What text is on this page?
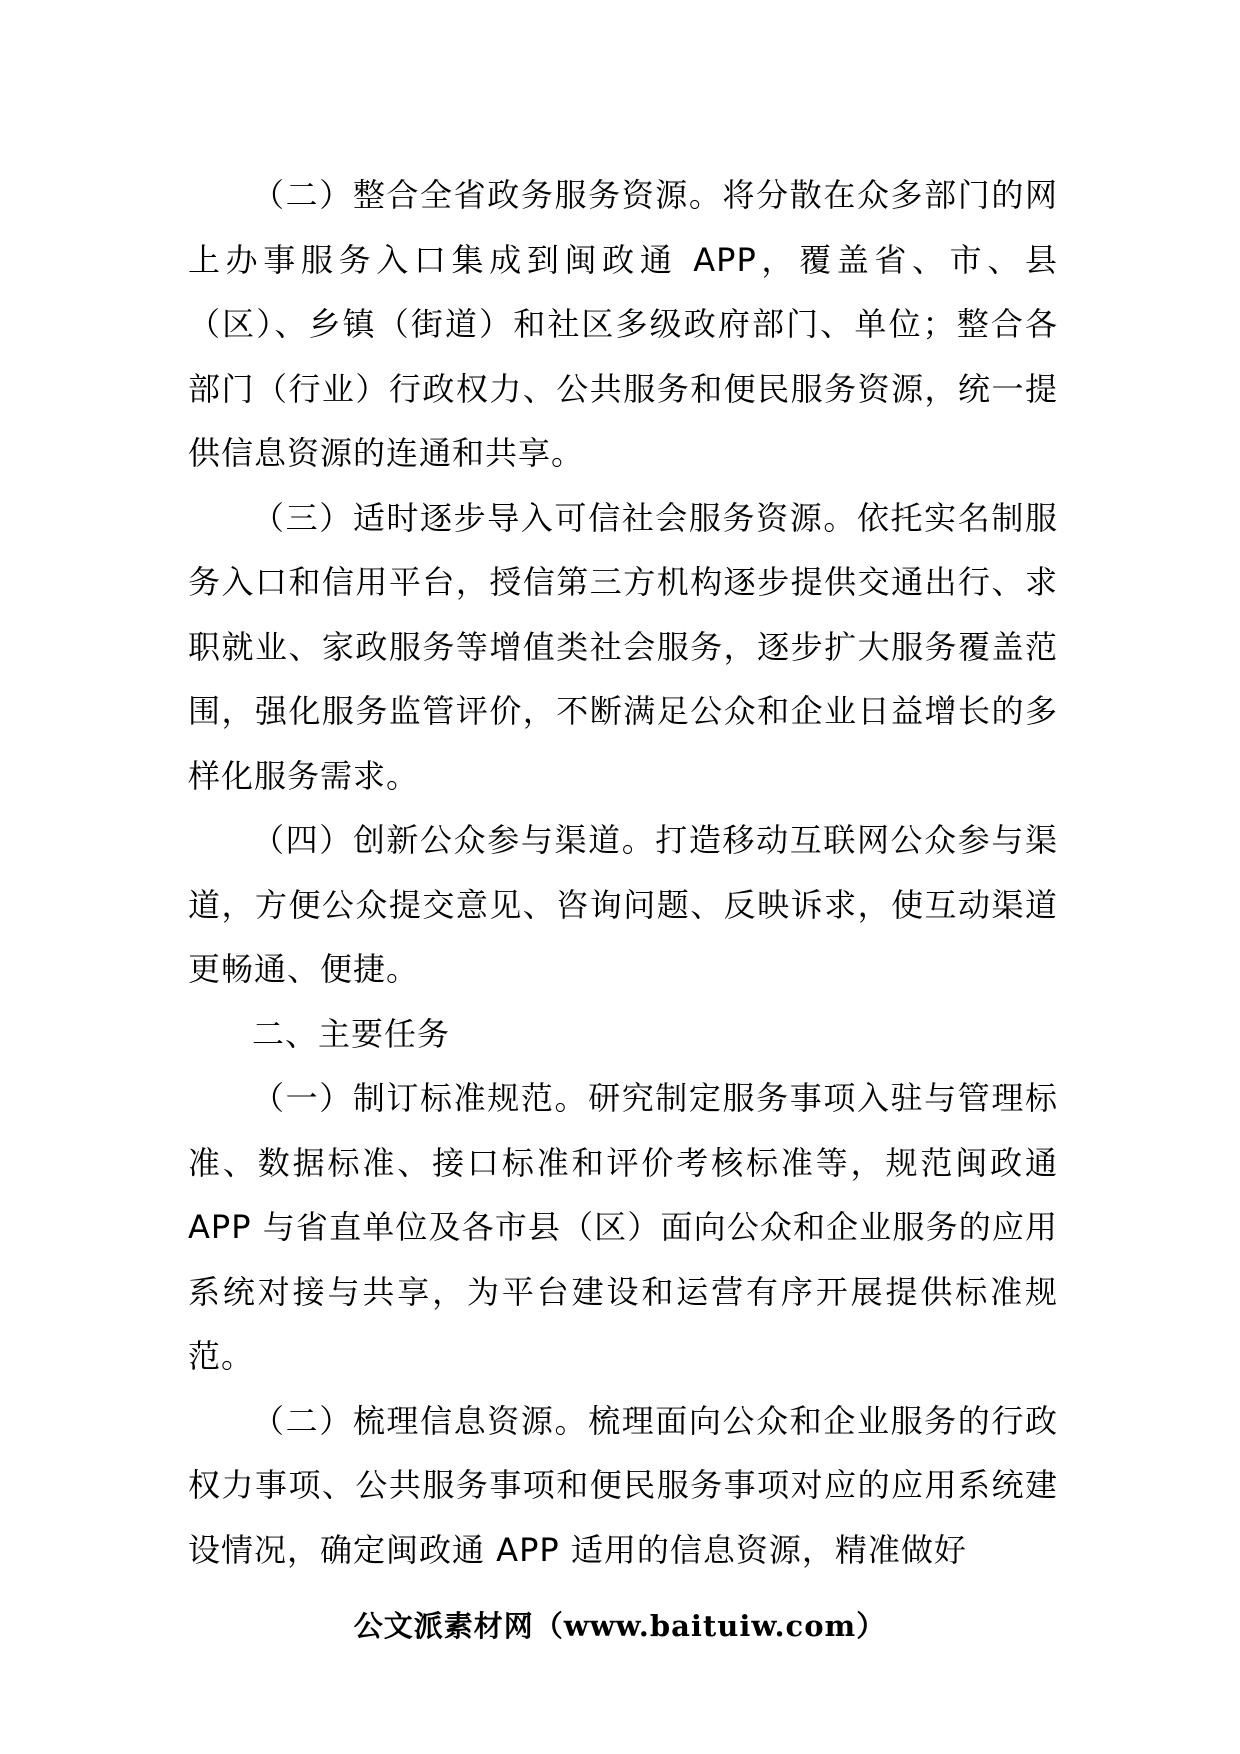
（二）整合全省政务服务资源。将分散在众多部门的网上办事服务入口集成到闽政通 APP，覆盖省、市、县（区）、乡镇（街道）和社区多级政府部门、单位；整合各部门（行业）行政权力、公共服务和便民服务资源，统一提供信息资源的连通和共享。

（三）适时逐步导入可信社会服务资源。依托实名制服务入口和信用平台，授信第三方机构逐步提供交通出行、求职就业、家政服务等增值类社会服务，逐步扩大服务覆盖范围，强化服务监管评价，不断满足公众和企业日益增长的多样化服务需求。

（四）创新公众参与渠道。打造移动互联网公众参与渠道，方便公众提交意见、咨询问题、反映诉求，使互动渠道更畅通、便捷。

二、主要任务

（一）制订标准规范。研究制定服务事项入驻与管理标准、数据标准、接口标准和评价考核标准等，规范闽政通 APP 与省直单位及各市县（区）面向公众和企业服务的应用系统对接与共享，为平台建设和运营有序开展提供标准规范。

（二）梳理信息资源。梳理面向公众和企业服务的行政权力事项、公共服务事项和便民服务事项对应的应用系统建设情况，确定闽政通 APP 适用的信息资源，精准做好

公文派素材网（www.baituiw.com）
